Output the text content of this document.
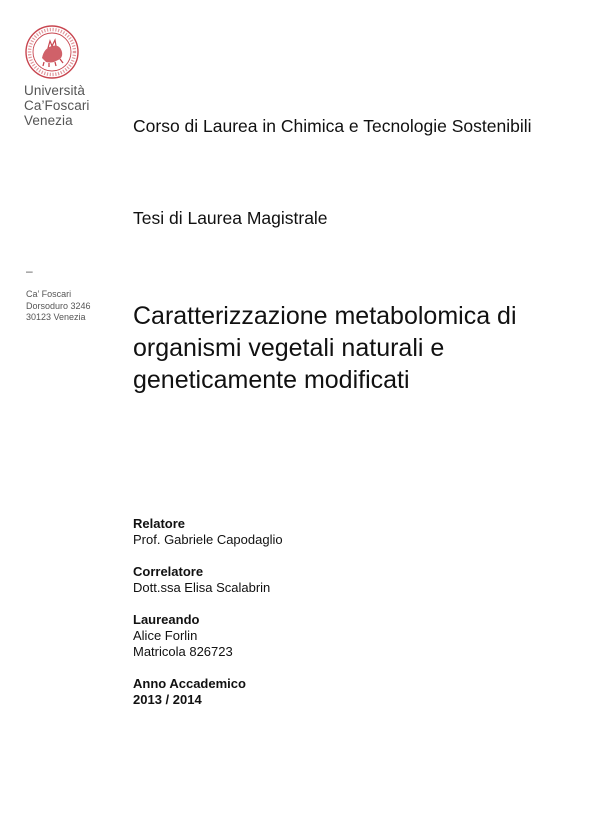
Università
Ca’Foscari
Venezia
–
Ca’ Foscari
Dorsoduro 3246
30123 Venezia
Corso di Laurea in Chimica e Tecnologie Sostenibili
Tesi di Laurea Magistrale
Caratterizzazione metabolomica di organismi vegetali naturali e geneticamente modificati
Relatore
Prof. Gabriele Capodaglio
Correlatore
Dott.ssa Elisa Scalabrin
Laureando
Alice Forlin
Matricola 826723
Anno Accademico
2013 / 2014
